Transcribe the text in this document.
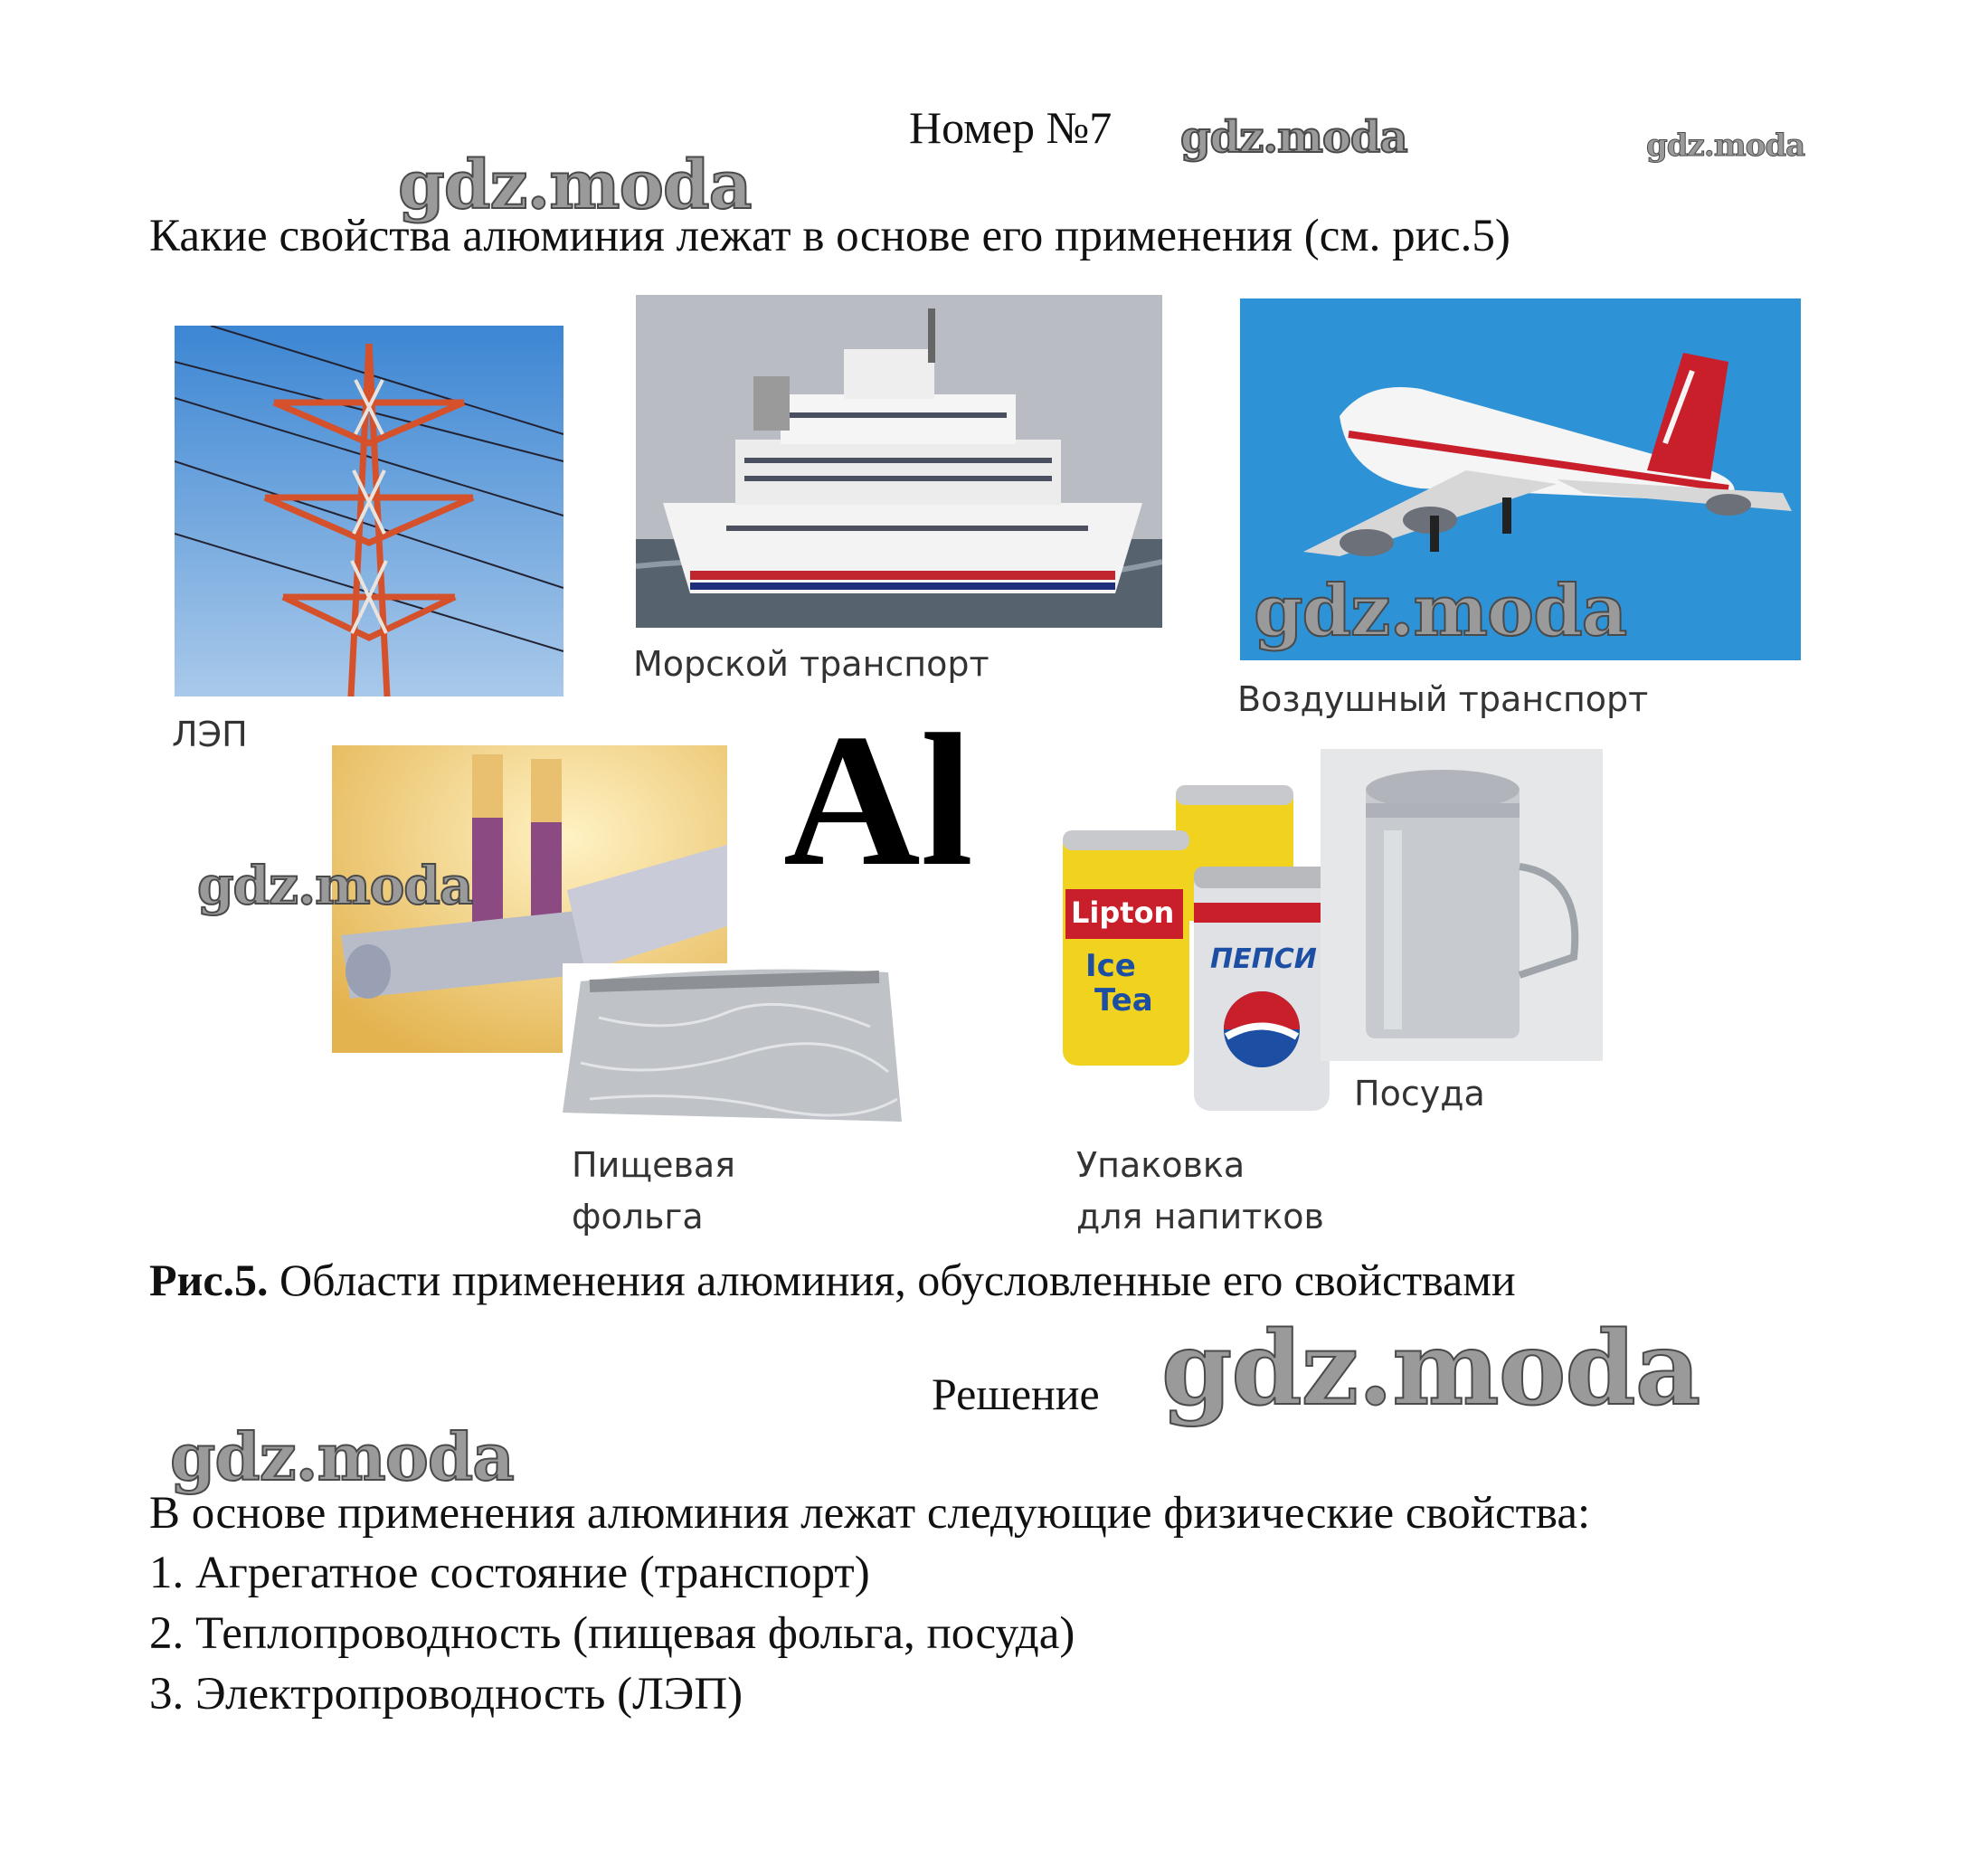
Номер №7
Какие свойства алюминия лежат в основе его применения (см. рис.5)
ЛЭП
Морской транспорт
Воздушный транспорт
Al
Пищевая
фольга
Lipton
Ice
Tea
ПЕПСИ
Упаковка
для напитков
Посуда
Рис.5. Области применения алюминия, обусловленные его свойствами
Решение
В основе применения алюминия лежат следующие физические свойства:
1. Агрегатное состояние (транспорт)
2. Теплопроводность (пищевая фольга, посуда)
3. Электропроводность (ЛЭП)
gdz.moda
gdz.moda	gdz.moda
gdz.moda
gdz.moda
gdz.moda
gdz.moda
